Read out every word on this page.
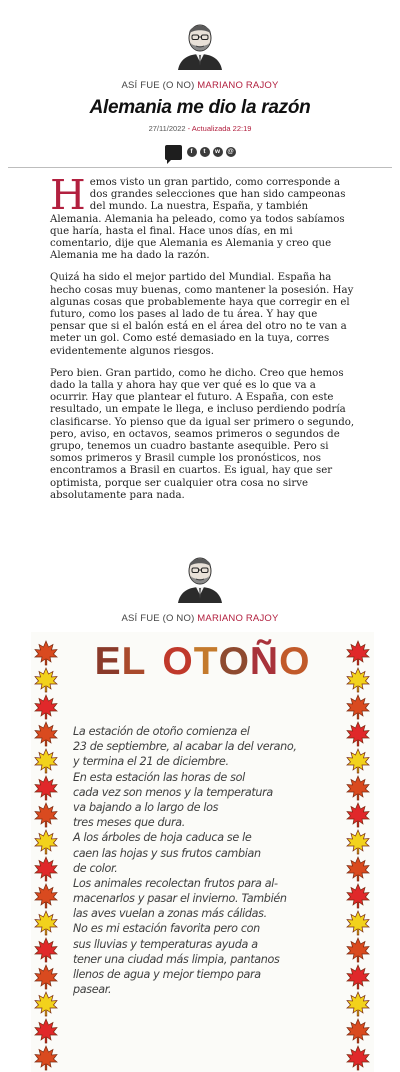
ASÍ FUE (O NO) MARIANO RAJOY
Alemania me dio la razón
27/11/2022 - Actualizada 22:19
f	t	w	@

Hemos visto un gran partido, como corresponde a dos grandes selecciones que han sido campeonas del mundo. La nuestra, España, y también Alemania. Alemania ha peleado, como ya todos sabíamos que haría, hasta el final. Hace unos días, en mi comentario, dije que Alemania es Alemania y creo que Alemania me ha dado la razón.

Quizá ha sido el mejor partido del Mundial. España ha hecho cosas muy buenas, como mantener la posesión. Hay algunas cosas que probablemente haya que corregir en el futuro, como los pases al lado de tu área. Y hay que pensar que si el balón está en el área del otro no te van a meter un gol. Como esté demasiado en la tuya, corres evidentemente algunos riesgos.

Pero bien. Gran partido, como he dicho. Creo que hemos dado la talla y ahora hay que ver qué es lo que va a ocurrir. Hay que plantear el futuro. A España, con este resultado, un empate le llega, e incluso perdiendo podría clasificarse. Yo pienso que da igual ser primero o segundo, pero, aviso, en octavos, seamos primeros o segundos de grupo, tenemos un cuadro bastante asequible. Pero si somos primeros y Brasil cumple los pronósticos, nos encontramos a Brasil en cuartos. Es igual, hay que ser optimista, porque ser cualquier otra cosa no sirve absolutamente para nada.

ASÍ FUE (O NO) MARIANO RAJOY
EL OTOÑO
La estación de otoño comienza el
23 de septiembre, al acabar la del verano,
y termina el 21 de diciembre.
En esta estación las horas de sol
cada vez son menos y la temperatura
va bajando a lo largo de los
tres meses que dura.
A los árboles de hoja caduca se le
caen las hojas y sus frutos cambian
de color.
Los animales recolectan frutos para al-
macenarlos y pasar el invierno. También
las aves vuelan a zonas más cálidas.
No es mi estación favorita pero con
sus lluvias y temperaturas ayuda a
tener una ciudad más limpia, pantanos
llenos de agua y mejor tiempo para
pasear.
